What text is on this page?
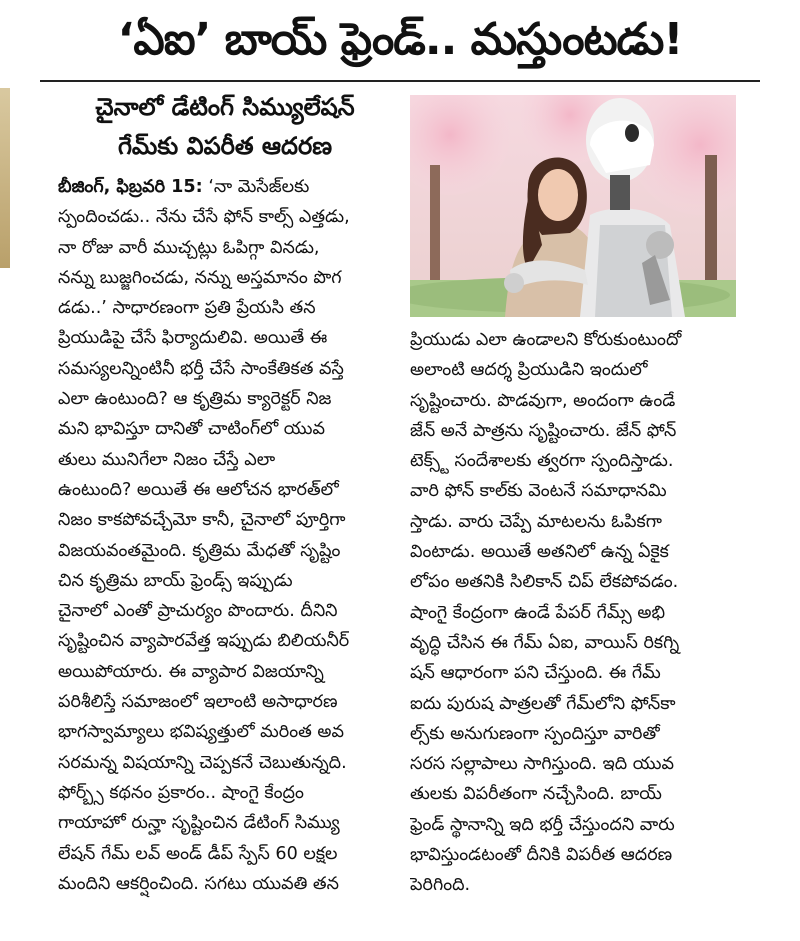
‘ఏఐ’ బాయ్ ఫ్రెండ్.. మస్తుంటడు!
చైనాలో డేటింగ్ సిమ్యులేషన్
గేమ్‌కు విపరీత ఆదరణ
బీజింగ్, ఫిబ్రవరి 15: ‘నా మెసేజ్‌లకు
స్పందించడు.. నేను చేసే ఫోన్ కాల్స్ ఎత్తడు,
నా రోజు వారీ ముచ్చట్లు ఓపిగ్గా వినడు,
నన్ను బుజ్జగించడు, నన్ను అస్తమానం పొగ
డడు..’ సాధారణంగా ప్రతి ప్రేయసి తన
ప్రియుడిపై చేసే ఫిర్యాదులివి. అయితే ఈ
సమస్యలన్నింటినీ భర్తీ చేసే సాంకేతికత వస్తే
ఎలా ఉంటుంది? ఆ కృత్రిమ క్యారెక్టర్ నిజ
మని భావిస్తూ దానితో చాటింగ్‌లో యువ
తులు మునిగేలా నిజం చేస్తే ఎలా
ఉంటుంది? అయితే ఈ ఆలోచన భారత్‌లో
నిజం కాకపోవచ్చేమో కానీ, చైనాలో పూర్తిగా
విజయవంతమైంది. కృత్రిమ మేధతో సృష్టిం
చిన కృత్రిమ బాయ్ ఫ్రెండ్స్ ఇప్పుడు
చైనాలో ఎంతో ప్రాచుర్యం పొందారు. దీనిని
సృష్టించిన వ్యాపారవేత్త ఇప్పుడు బిలియనీర్
అయిపోయారు. ఈ వ్యాపార విజయాన్ని
పరిశీలిస్తే సమాజంలో ఇలాంటి అసాధారణ
భాగస్వామ్యాలు భవిష్యత్తులో మరింత అవ
సరమన్న విషయాన్ని చెప్పకనే చెబుతున్నది.
ఫోర్బ్స్ కథనం ప్రకారం.. షాంగై కేంద్రం
గాయాహో రున్హా సృష్టించిన డేటింగ్ సిమ్యు
లేషన్ గేమ్ లవ్ అండ్ డీప్ స్పేస్ 60 లక్షల
మందిని ఆకర్షించింది. సగటు యువతి తన
ప్రియుడు ఎలా ఉండాలని కోరుకుంటుందో
అలాంటి ఆదర్శ ప్రియుడిని ఇందులో
సృష్టించారు. పొడవుగా, అందంగా ఉండే
జేన్ అనే పాత్రను సృష్టించారు. జేన్ ఫోన్
టెక్స్ట్ సందేశాలకు త్వరగా స్పందిస్తాడు.
వారి ఫోన్ కాల్‌కు వెంటనే సమాధానమి
స్తాడు. వారు చెప్పే మాటలను ఓపికగా
వింటాడు. అయితే అతనిలో ఉన్న ఏకైక
లోపం అతనికి సిలికాన్ చిప్ లేకపోవడం.
షాంగై కేంద్రంగా ఉండే పేపర్ గేమ్స్ అభి
వృద్ధి చేసిన ఈ గేమ్ ఏఐ, వాయిస్ రికగ్ని
షన్ ఆధారంగా పని చేస్తుంది. ఈ గేమ్
ఐదు పురుష పాత్రలతో గేమ్‌లోని ఫోన్‌కా
ల్స్‌కు అనుగుణంగా స్పందిస్తూ వారితో
సరస సల్లాపాలు సాగిస్తుంది. ఇది యువ
తులకు విపరీతంగా నచ్చేసింది. బాయ్
ఫ్రెండ్ స్థానాన్ని ఇది భర్తీ చేస్తుందని వారు
భావిస్తుండటంతో దీనికి విపరీత ఆదరణ
పెరిగింది.
